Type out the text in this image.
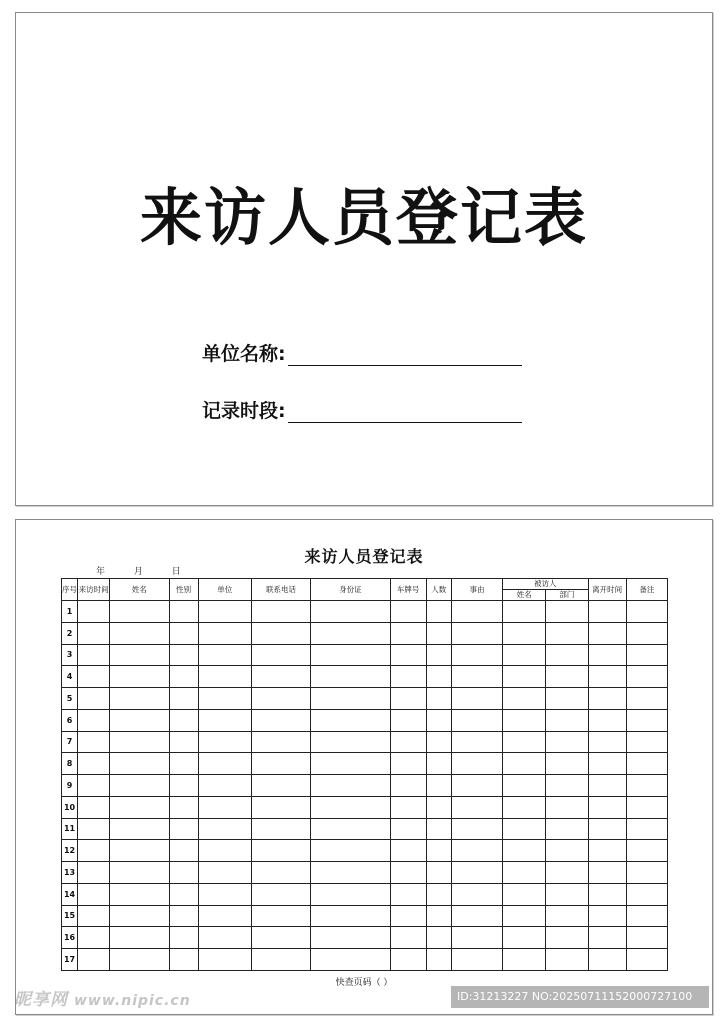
来访人员登记表
单位名称:
记录时段:
来访人员登记表
年	月	日
序号	来访时间	姓名	性别	单位	联系电话	身份证	车牌号	人数	事由	被访人		离开时间	备注
										姓名	部门		
1													
2													
3													
4													
5													
6													
7													
8													
9													
10													
11													
12													
13													
14													
15													
16													
17													
快查页码（ ）
昵享网 www.nipic.cn	ID:31213227 NO:20250711152000727100
